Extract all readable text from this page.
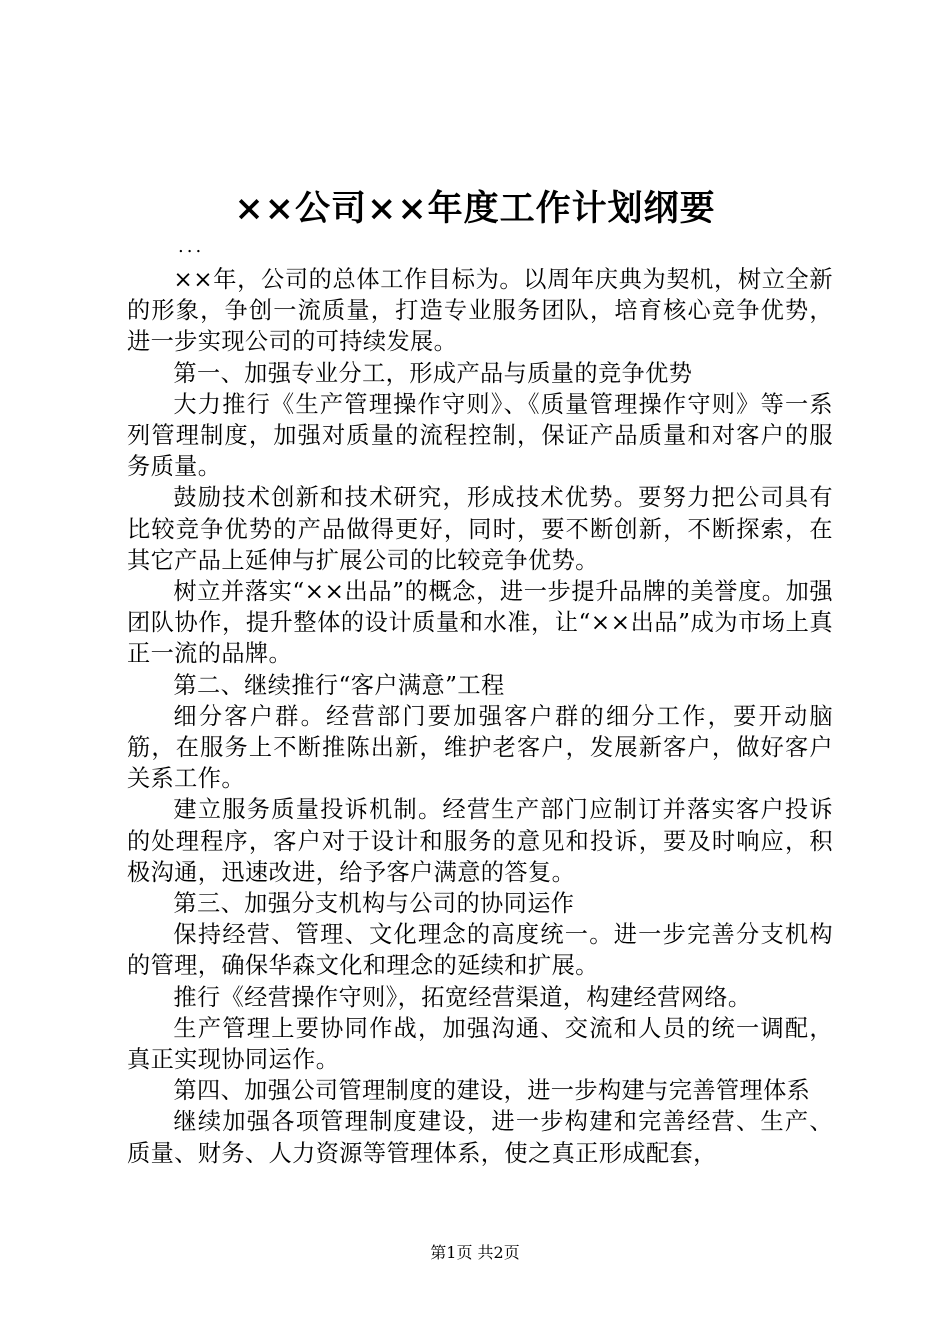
××公司××年度工作计划纲要
...

××年，公司的总体工作目标为。以周年庆典为契机，树立全新的形象，争创一流质量，打造专业服务团队，培育核心竞争优势，进一步实现公司的可持续发展。

第一、加强专业分工，形成产品与质量的竞争优势

大力推行《生产管理操作守则》、《质量管理操作守则》等一系列管理制度，加强对质量的流程控制，保证产品质量和对客户的服务质量。

鼓励技术创新和技术研究，形成技术优势。要努力把公司具有比较竞争优势的产品做得更好，同时，要不断创新，不断探索，在其它产品上延伸与扩展公司的比较竞争优势。

树立并落实“××出品”的概念，进一步提升品牌的美誉度。加强团队协作，提升整体的设计质量和水准，让“××出品”成为市场上真正一流的品牌。

第二、继续推行“客户满意”工程

细分客户群。经营部门要加强客户群的细分工作，要开动脑筋，在服务上不断推陈出新，维护老客户，发展新客户，做好客户关系工作。

建立服务质量投诉机制。经营生产部门应制订并落实客户投诉的处理程序，客户对于设计和服务的意见和投诉，要及时响应，积极沟通，迅速改进，给予客户满意的答复。

第三、加强分支机构与公司的协同运作

保持经营、管理、文化理念的高度统一。进一步完善分支机构的管理，确保华森文化和理念的延续和扩展。

推行《经营操作守则》，拓宽经营渠道，构建经营网络。

生产管理上要协同作战，加强沟通、交流和人员的统一调配，真正实现协同运作。

第四、加强公司管理制度的建设，进一步构建与完善管理体系

继续加强各项管理制度建设，进一步构建和完善经营、生产、质量、财务、人力资源等管理体系，使之真正形成配套，

第1页 共2页
